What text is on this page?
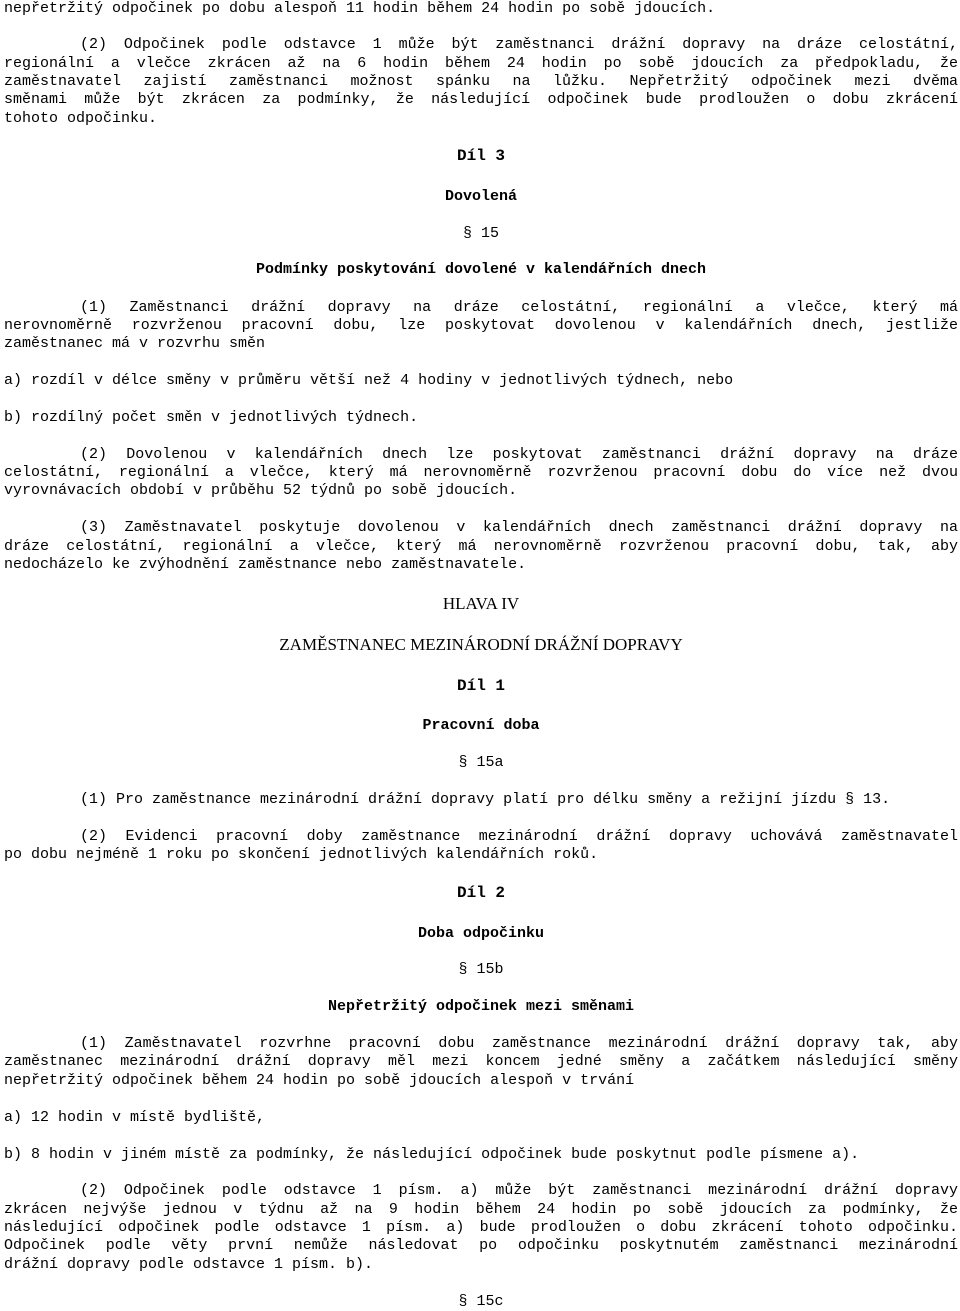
nepřetržitý odpočinek po dobu alespoň 11 hodin během 24 hodin po sobě jdoucích.
(2) Odpočinek podle odstavce 1 může být zaměstnanci drážní dopravy na dráze celostátní,
regionální a vlečce zkrácen až na 6 hodin během 24 hodin po sobě jdoucích za předpokladu, že
zaměstnavatel zajistí zaměstnanci možnost spánku na lůžku. Nepřetržitý odpočinek mezi dvěma
směnami může být zkrácen za podmínky, že následující odpočinek bude prodloužen o dobu zkrácení
tohoto odpočinku.
Díl 3
Dovolená
§ 15
Podmínky poskytování dovolené v kalendářních dnech
(1) Zaměstnanci drážní dopravy na dráze celostátní, regionální a vlečce, který má
nerovnoměrně rozvrženou pracovní dobu, lze poskytovat dovolenou v kalendářních dnech, jestliže
zaměstnanec má v rozvrhu směn
a) rozdíl v délce směny v průměru větší než 4 hodiny v jednotlivých týdnech, nebo
b) rozdílný počet směn v jednotlivých týdnech.
(2) Dovolenou v kalendářních dnech lze poskytovat zaměstnanci drážní dopravy na dráze
celostátní, regionální a vlečce, který má nerovnoměrně rozvrženou pracovní dobu do více než dvou
vyrovnávacích období v průběhu 52 týdnů po sobě jdoucích.
(3) Zaměstnavatel poskytuje dovolenou v kalendářních dnech zaměstnanci drážní dopravy na
dráze celostátní, regionální a vlečce, který má nerovnoměrně rozvrženou pracovní dobu, tak, aby
nedocházelo ke zvýhodnění zaměstnance nebo zaměstnavatele.
HLAVA IV
ZAMĚSTNANEC MEZINÁRODNÍ DRÁŽNÍ DOPRAVY
Díl 1
Pracovní doba
§ 15a
(1) Pro zaměstnance mezinárodní drážní dopravy platí pro délku směny a režijní jízdu § 13.
(2) Evidenci pracovní doby zaměstnance mezinárodní drážní dopravy uchovává zaměstnavatel
po dobu nejméně 1 roku po skončení jednotlivých kalendářních roků.
Díl 2
Doba odpočinku
§ 15b
Nepřetržitý odpočinek mezi směnami
(1) Zaměstnavatel rozvrhne pracovní dobu zaměstnance mezinárodní drážní dopravy tak, aby
zaměstnanec mezinárodní drážní dopravy měl mezi koncem jedné směny a začátkem následující směny
nepřetržitý odpočinek během 24 hodin po sobě jdoucích alespoň v trvání
a) 12 hodin v místě bydliště,
b) 8 hodin v jiném místě za podmínky, že následující odpočinek bude poskytnut podle písmene a).
(2) Odpočinek podle odstavce 1 písm. a) může být zaměstnanci mezinárodní drážní dopravy
zkrácen nejvýše jednou v týdnu až na 9 hodin během 24 hodin po sobě jdoucích za podmínky, že
následující odpočinek podle odstavce 1 písm. a) bude prodloužen o dobu zkrácení tohoto odpočinku.
Odpočinek podle věty první nemůže následovat po odpočinku poskytnutém zaměstnanci mezinárodní
drážní dopravy podle odstavce 1 písm. b).
§ 15c
